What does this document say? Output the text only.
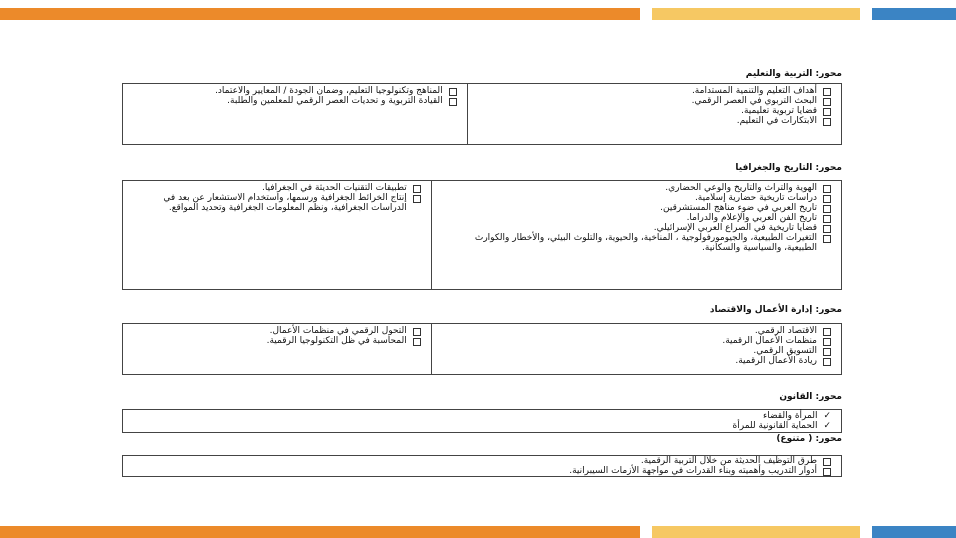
محور: التربية والتعليم
أهداف التعليم والتنمية المستدامة.
البحث التربوي في العصر الرقمي.
قضايا تربوية تعليمية.
الابتكارات في التعليم.
المناهج وتكنولوجيا التعليم، وضمان الجودة / المعايير والاعتماد.
القيادة التربوية و تحديات العصر الرقمي للمعلمين والطلبة.
محور: التاريخ والجغرافيا
الهوية والتراث والتاريخ والوعي الحضاري.
دراسات تاريخية حضارية إسلامية.
تاريخ العربي في ضوء مناهج المستشرقين.
تاريخ الفن العربي والإعلام والدراما.
قضايا تاريخية في الصراع العربي الإسرائيلي.
التغيرات الطبيعية، والجيومورفولوجية ، المناخية، والحيوية، والتلوث البيئي، والأخطار والكوارث الطبيعية، والسياسية والسكانية.
تطبيقات التقنيات الحديثة في الجغرافيا.
إنتاج الخرائط الجغرافية ورسمها، واستخدام الاستشعار عن بعد في الدراسات الجغرافية، ونظم المعلومات الجغرافية وتحديد المواقع.
محور: إدارة الأعمال والاقتصاد
الاقتصاد الرقمي.
منظمات الأعمال الرقمية.
التسويق الرقمي.
ريادة الأعمال الرقمية.
التحول الرقمي في منظمات الأعمال.
المحاسبة في ظل التكنولوجيا الرقمية.
محور: القانون
✓
المرأة والقضاء
✓
الحماية القانونية للمرأة
محور: ( متنوع)
طرق التوظيف الحديثة من خلال التربية الرقمية.
أدوار التدريب وأهميته وبناء القدرات في مواجهة الأزمات السيبرانية.
